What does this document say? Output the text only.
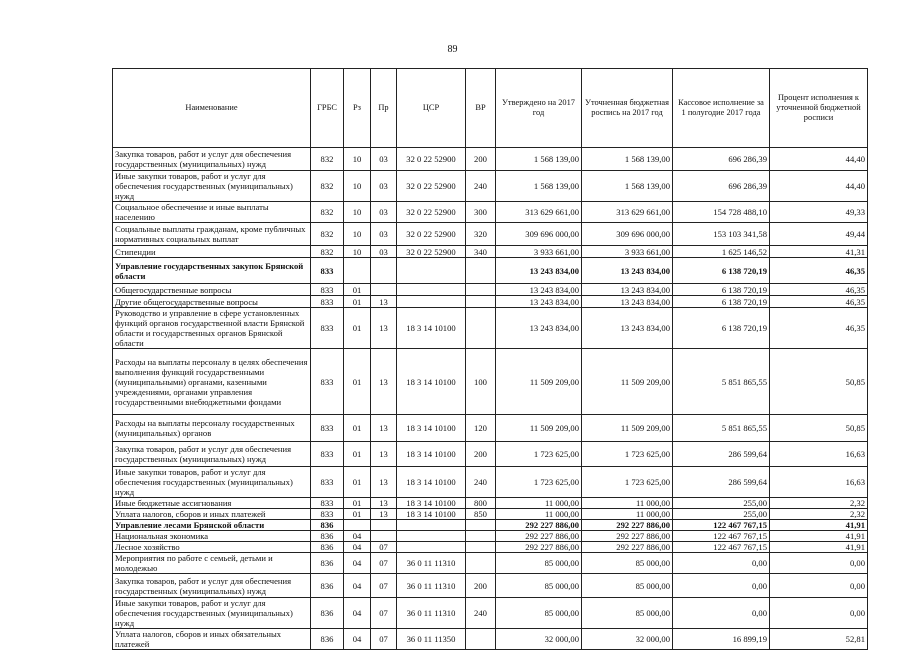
89
Наименование	ГРБС	Рз	Пр	ЦСР	ВР	Утверждено на 2017 год	Уточненная бюджетная роспись на 2017 год	Кассовое исполнение за 1 полугодие 2017 года	Процент исполнения к уточненной бюджетной росписи
Закупка товаров, работ и услуг для обеспечения государственных (муниципальных) нужд	832	10	03	32 0 22 52900	200	1 568 139,00	1 568 139,00	696 286,39	44,40
Иные закупки товаров, работ и услуг для обеспечения государственных (муниципальных) нужд	832	10	03	32 0 22 52900	240	1 568 139,00	1 568 139,00	696 286,39	44,40
Социальное обеспечение и иные выплаты населению	832	10	03	32 0 22 52900	300	313 629 661,00	313 629 661,00	154 728 488,10	49,33
Социальные выплаты гражданам, кроме публичных нормативных социальных выплат	832	10	03	32 0 22 52900	320	309 696 000,00	309 696 000,00	153 103 341,58	49,44
Стипендии	832	10	03	32 0 22 52900	340	3 933 661,00	3 933 661,00	1 625 146,52	41,31
Управление государственных закупок Брянской области	833					13 243 834,00	13 243 834,00	6 138 720,19	46,35
Общегосударственные вопросы	833	01				13 243 834,00	13 243 834,00	6 138 720,19	46,35
Другие общегосударственные вопросы	833	01	13			13 243 834,00	13 243 834,00	6 138 720,19	46,35
Руководство и управление в сфере установленных функций органов государственной власти Брянской области и государственных органов Брянской области	833	01	13	18 3 14 10100		13 243 834,00	13 243 834,00	6 138 720,19	46,35
Расходы на выплаты персоналу в целях обеспечения выполнения функций государственными (муниципальными) органами, казенными учреждениями, органами управления государственными внебюджетными фондами	833	01	13	18 3 14 10100	100	11 509 209,00	11 509 209,00	5 851 865,55	50,85
Расходы на выплаты персоналу государственных (муниципальных) органов	833	01	13	18 3 14 10100	120	11 509 209,00	11 509 209,00	5 851 865,55	50,85
Закупка товаров, работ и услуг для обеспечения государственных (муниципальных) нужд	833	01	13	18 3 14 10100	200	1 723 625,00	1 723 625,00	286 599,64	16,63
Иные закупки товаров, работ и услуг для обеспечения государственных (муниципальных) нужд	833	01	13	18 3 14 10100	240	1 723 625,00	1 723 625,00	286 599,64	16,63
Иные бюджетные ассигнования	833	01	13	18 3 14 10100	800	11 000,00	11 000,00	255,00	2,32
Уплата налогов, сборов и иных платежей	833	01	13	18 3 14 10100	850	11 000,00	11 000,00	255,00	2,32
Управление лесами Брянской области	836					292 227 886,00	292 227 886,00	122 467 767,15	41,91
Национальная экономика	836	04				292 227 886,00	292 227 886,00	122 467 767,15	41,91
Лесное хозяйство	836	04	07			292 227 886,00	292 227 886,00	122 467 767,15	41,91
Мероприятия по работе с семьей, детьми и молодежью	836	04	07	36 0 11 11310		85 000,00	85 000,00	0,00	0,00
Закупка товаров, работ и услуг для обеспечения государственных (муниципальных) нужд	836	04	07	36 0 11 11310	200	85 000,00	85 000,00	0,00	0,00
Иные закупки товаров, работ и услуг для обеспечения государственных (муниципальных) нужд	836	04	07	36 0 11 11310	240	85 000,00	85 000,00	0,00	0,00
Уплата налогов, сборов и иных обязательных платежей	836	04	07	36 0 11 11350		32 000,00	32 000,00	16 899,19	52,81
